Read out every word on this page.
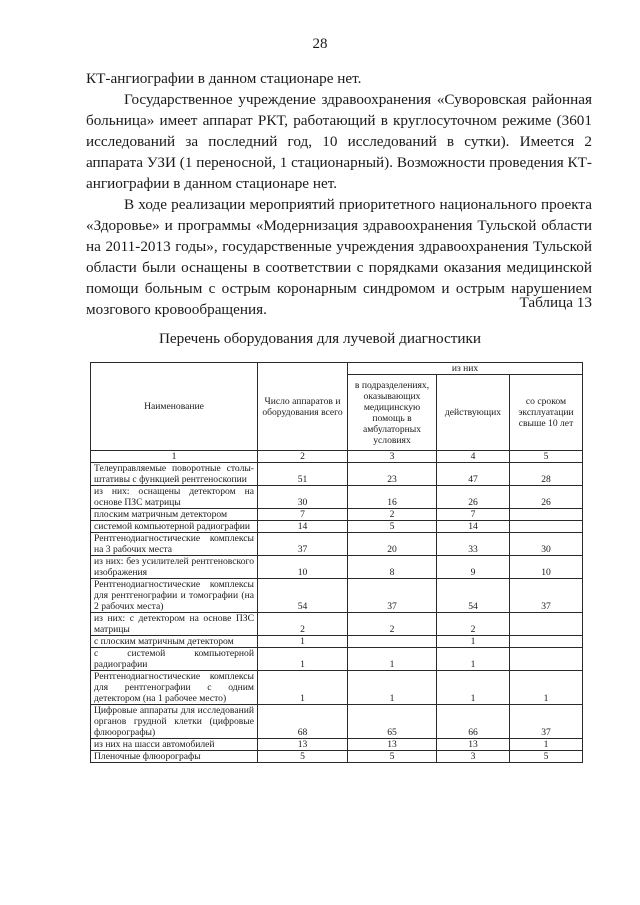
28

КТ-ангиографии в данном стационаре нет.

Государственное учреждение здравоохранения «Суворовская районная больница» имеет аппарат РКТ, работающий в круглосуточном режиме (3601 исследований за последний год, 10 исследований в сутки). Имеется 2 аппарата УЗИ (1 переносной, 1 стационарный). Возможности проведения КТ-ангиографии в данном стационаре нет.

В ходе реализации мероприятий приоритетного национального проекта «Здоровье» и программы «Модернизация здравоохранения Тульской области на 2011-2013 годы», государственные учреждения здравоохранения Тульской области были оснащены в соответствии с порядками оказания медицинской помощи больным с острым коронарным синдромом и острым нарушением мозгового кровообращения.	Таблица 13
Перечень оборудования для лучевой диагностики
Наименование	Число аппаратов и оборудования всего	из них		
		в подразделениях, оказывающих медицинскую помощь в амбулаторных условиях	действующих	со сроком эксплуатации свыше 10 лет
1	2	3	4	5
Телеуправляемые поворотные столы-штативы с функцией рентгеноскопии	51	23	47	28
из них: оснащены детектором на основе ПЗС матрицы	30	16	26	26
плоским матричным детектором	7	2	7	
системой компьютерной радиографии	14	5	14	
Рентгенодиагностические комплексы на 3 рабочих места	37	20	33	30
из них: без усилителей рентгеновского изображения	10	8	9	10
Рентгенодиагностические комплексы для рентгенографии и томографии (на 2 рабочих места)	54	37	54	37
из них: с детектором на основе ПЗС матрицы	2	2	2	
с плоским матричным детектором	1		1	
с системой компьютерной радиографии	1	1	1	
Рентгенодиагностические комплексы для рентгенографии с одним детектором (на 1 рабочее место)	1	1	1	1
Цифровые аппараты для исследований органов грудной клетки (цифровые флюорографы)	68	65	66	37
из них на шасси автомобилей	13	13	13	1
Пленочные флюорографы	5	5	3	5
